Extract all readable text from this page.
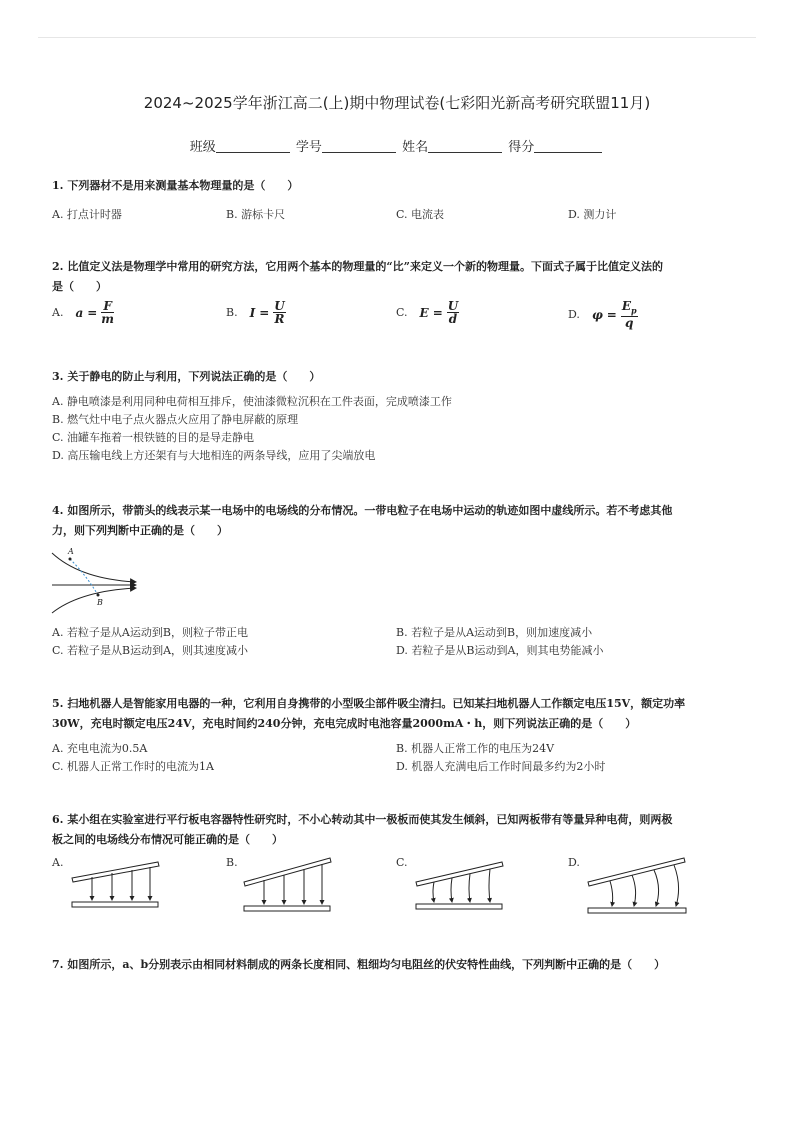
2024~2025学年浙江高二(上)期中物理试卷(七彩阳光新高考研究联盟11月)
班级	学号	姓名	得分
1. 下列器材不是用来测量基本物理量的是（　　）
A. 打点计时器	B. 游标卡尺	C. 电流表	D. 测力计
2. 比值定义法是物理学中常用的研究方法，它用两个基本的物理量的“比”来定义一个新的物理量。下面式子属于比值定义法的
是（　　）
A. $a = \frac{F}{m}$	B. $I = \frac{U}{R}$	C. $E = \frac{U}{d}$	D. $\varphi = \frac{E_p}{q}$
3. 关于静电的防止与利用，下列说法正确的是（　　）
A. 静电喷漆是利用同种电荷相互排斥，使油漆微粒沉积在工件表面，完成喷漆工作
B. 燃气灶中电子点火器点火应用了静电屏蔽的原理
C. 油罐车拖着一根铁链的目的是导走静电
D. 高压输电线上方还架有与大地相连的两条导线，应用了尖端放电
4. 如图所示，带箭头的线表示某一电场中的电场线的分布情况。一带电粒子在电场中运动的轨迹如图中虚线所示。若不考虑其他
力，则下列判断中正确的是（　　）
A
B
A. 若粒子是从A运动到B，则粒子带正电	B. 若粒子是从A运动到B，则加速度减小
C. 若粒子是从B运动到A，则其速度减小	D. 若粒子是从B运动到A，则其电势能减小
5. 扫地机器人是智能家用电器的一种，它利用自身携带的小型吸尘部件吸尘清扫。已知某扫地机器人工作额定电压15V，额定功率
30W，充电时额定电压24V，充电时间约240分钟，充电完成时电池容量2000mA・h，则下列说法正确的是（　　）
A. 充电电流为0.5A	B. 机器人正常工作的电压为24V
C. 机器人正常工作时的电流为1A	D. 机器人充满电后工作时间最多约为2小时
6. 某小组在实验室进行平行板电容器特性研究时，不小心转动其中一极板而使其发生倾斜，已知两板带有等量异种电荷，则两极
板之间的电场线分布情况可能正确的是（　　）
A.	B.	C.	D.
7. 如图所示，a、b分别表示由相同材料制成的两条长度相同、粗细均匀电阻丝的伏安特性曲线，下列判断中正确的是（　　）
